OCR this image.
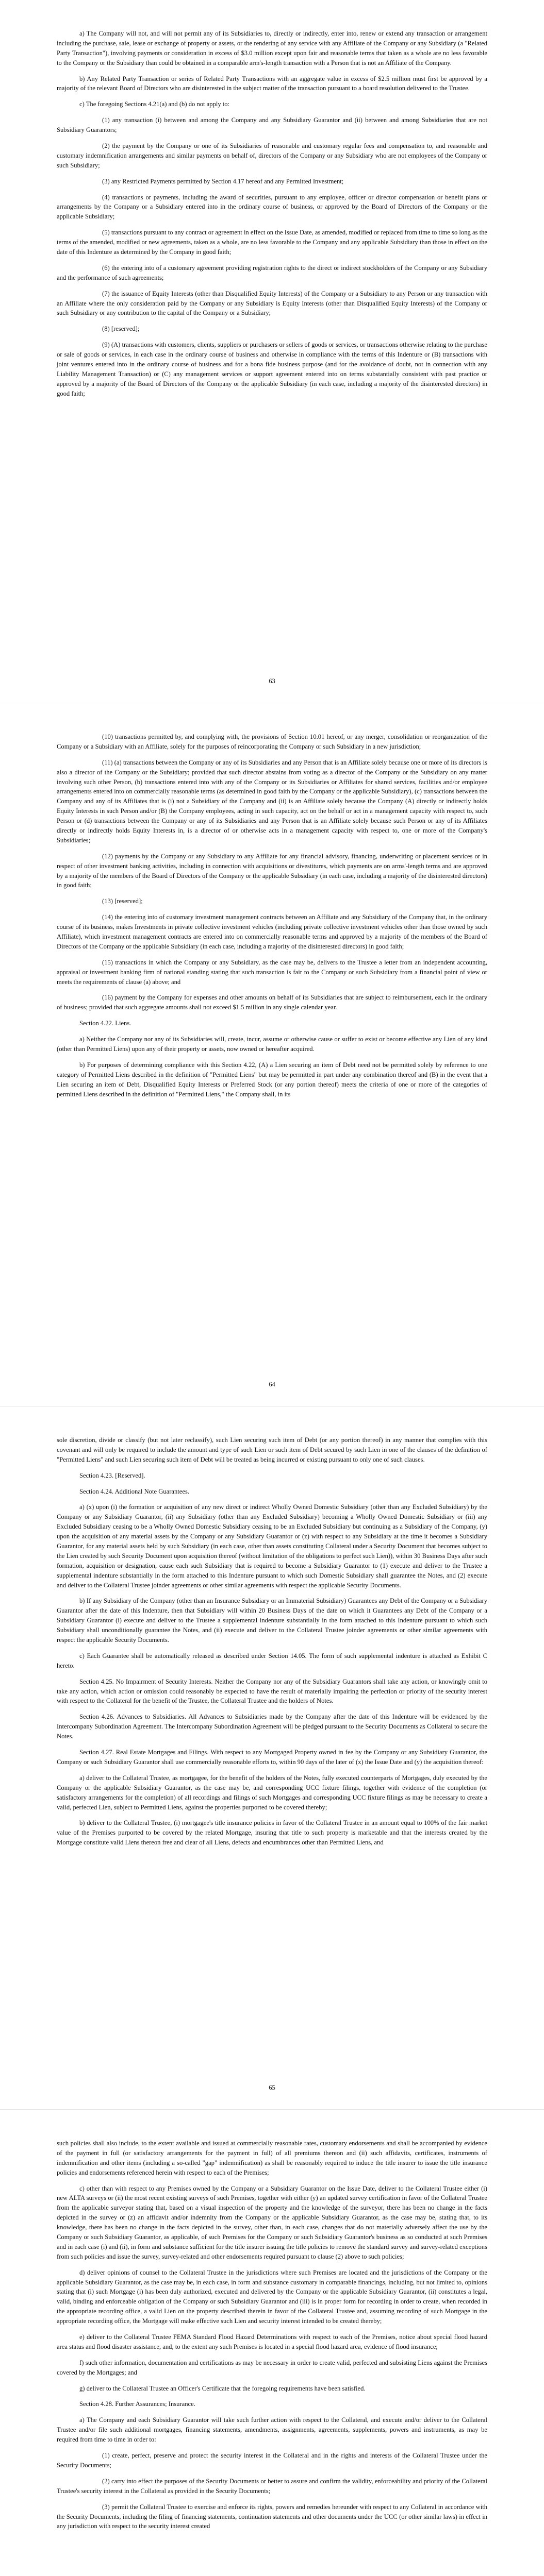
a) The Company will not, and will not permit any of its Subsidiaries to, directly or indirectly, enter into, renew or extend any transaction or arrangement including the purchase, sale, lease or exchange of property or assets, or the rendering of any service with any Affiliate of the Company or any Subsidiary (a "Related Party Transaction"), involving payments or consideration in excess of $3.0 million except upon fair and reasonable terms that taken as a whole are no less favorable to the Company or the Subsidiary than could be obtained in a comparable arm's-length transaction with a Person that is not an Affiliate of the Company.

b) Any Related Party Transaction or series of Related Party Transactions with an aggregate value in excess of $2.5 million must first be approved by a majority of the relevant Board of Directors who are disinterested in the subject matter of the transaction pursuant to a board resolution delivered to the Trustee.

c) The foregoing Sections 4.21(a) and (b) do not apply to:

(1) any transaction (i) between and among the Company and any Subsidiary Guarantor and (ii) between and among Subsidiaries that are not Subsidiary Guarantors;

(2) the payment by the Company or one of its Subsidiaries of reasonable and customary regular fees and compensation to, and reasonable and customary indemnification arrangements and similar payments on behalf of, directors of the Company or any Subsidiary who are not employees of the Company or such Subsidiary;

(3) any Restricted Payments permitted by Section 4.17 hereof and any Permitted Investment;

(4) transactions or payments, including the award of securities, pursuant to any employee, officer or director compensation or benefit plans or arrangements by the Company or a Subsidiary entered into in the ordinary course of business, or approved by the Board of Directors of the Company or the applicable Subsidiary;

(5) transactions pursuant to any contract or agreement in effect on the Issue Date, as amended, modified or replaced from time to time so long as the terms of the amended, modified or new agreements, taken as a whole, are no less favorable to the Company and any applicable Subsidiary than those in effect on the date of this Indenture as determined by the Company in good faith;

(6) the entering into of a customary agreement providing registration rights to the direct or indirect stockholders of the Company or any Subsidiary and the performance of such agreements;

(7) the issuance of Equity Interests (other than Disqualified Equity Interests) of the Company or a Subsidiary to any Person or any transaction with an Affiliate where the only consideration paid by the Company or any Subsidiary is Equity Interests (other than Disqualified Equity Interests) of the Company or such Subsidiary or any contribution to the capital of the Company or a Subsidiary;

(8) [reserved];

(9) (A) transactions with customers, clients, suppliers or purchasers or sellers of goods or services, or transactions otherwise relating to the purchase or sale of goods or services, in each case in the ordinary course of business and otherwise in compliance with the terms of this Indenture or (B) transactions with joint ventures entered into in the ordinary course of business and for a bona fide business purpose (and for the avoidance of doubt, not in connection with any Liability Management Transaction) or (C) any management services or support agreement entered into on terms substantially consistent with past practice or approved by a majority of the Board of Directors of the Company or the applicable Subsidiary (in each case, including a majority of the disinterested directors) in good faith;

63

(10) transactions permitted by, and complying with, the provisions of Section 10.01 hereof, or any merger, consolidation or reorganization of the Company or a Subsidiary with an Affiliate, solely for the purposes of reincorporating the Company or such Subsidiary in a new jurisdiction;

(11) (a) transactions between the Company or any of its Subsidiaries and any Person that is an Affiliate solely because one or more of its directors is also a director of the Company or the Subsidiary; provided that such director abstains from voting as a director of the Company or the Subsidiary on any matter involving such other Person, (b) transactions entered into with any of the Company or its Subsidiaries or Affiliates for shared services, facilities and/or employee arrangements entered into on commercially reasonable terms (as determined in good faith by the Company or the applicable Subsidiary), (c) transactions between the Company and any of its Affiliates that is (i) not a Subsidiary of the Company and (ii) is an Affiliate solely because the Company (A) directly or indirectly holds Equity Interests in such Person and/or (B) the Company employees, acting in such capacity, act on the behalf or act in a management capacity with respect to, such Person or (d) transactions between the Company or any of its Subsidiaries and any Person that is an Affiliate solely because such Person or any of its Affiliates directly or indirectly holds Equity Interests in, is a director of or otherwise acts in a management capacity with respect to, one or more of the Company's Subsidiaries;

(12) payments by the Company or any Subsidiary to any Affiliate for any financial advisory, financing, underwriting or placement services or in respect of other investment banking activities, including in connection with acquisitions or divestitures, which payments are on arms'-length terms and are approved by a majority of the members of the Board of Directors of the Company or the applicable Subsidiary (in each case, including a majority of the disinterested directors) in good faith;

(13) [reserved];

(14) the entering into of customary investment management contracts between an Affiliate and any Subsidiary of the Company that, in the ordinary course of its business, makes Investments in private collective investment vehicles (including private collective investment vehicles other than those owned by such Affiliate), which investment management contracts are entered into on commercially reasonable terms and approved by a majority of the members of the Board of Directors of the Company or the applicable Subsidiary (in each case, including a majority of the disinterested directors) in good faith;

(15) transactions in which the Company or any Subsidiary, as the case may be, delivers to the Trustee a letter from an independent accounting, appraisal or investment banking firm of national standing stating that such transaction is fair to the Company or such Subsidiary from a financial point of view or meets the requirements of clause (a) above; and

(16) payment by the Company for expenses and other amounts on behalf of its Subsidiaries that are subject to reimbursement, each in the ordinary of business; provided that such aggregate amounts shall not exceed $1.5 million in any single calendar year.

Section 4.22. Liens.

a) Neither the Company nor any of its Subsidiaries will, create, incur, assume or otherwise cause or suffer to exist or become effective any Lien of any kind (other than Permitted Liens) upon any of their property or assets, now owned or hereafter acquired.

b) For purposes of determining compliance with this Section 4.22, (A) a Lien securing an item of Debt need not be permitted solely by reference to one category of Permitted Liens described in the definition of "Permitted Liens" but may be permitted in part under any combination thereof and (B) in the event that a Lien securing an item of Debt, Disqualified Equity Interests or Preferred Stock (or any portion thereof) meets the criteria of one or more of the categories of permitted Liens described in the definition of "Permitted Liens," the Company shall, in its

64

sole discretion, divide or classify (but not later reclassify), such Lien securing such item of Debt (or any portion thereof) in any manner that complies with this covenant and will only be required to include the amount and type of such Lien or such item of Debt secured by such Lien in one of the clauses of the definition of "Permitted Liens" and such Lien securing such item of Debt will be treated as being incurred or existing pursuant to only one of such clauses.

Section 4.23. [Reserved].

Section 4.24. Additional Note Guarantees.

a) (x) upon (i) the formation or acquisition of any new direct or indirect Wholly Owned Domestic Subsidiary (other than any Excluded Subsidiary) by the Company or any Subsidiary Guarantor, (ii) any Subsidiary (other than any Excluded Subsidiary) becoming a Wholly Owned Domestic Subsidiary or (iii) any Excluded Subsidiary ceasing to be a Wholly Owned Domestic Subsidiary ceasing to be an Excluded Subsidiary but continuing as a Subsidiary of the Company, (y) upon the acquisition of any material assets by the Company or any Subsidiary Guarantor or (z) with respect to any Subsidiary at the time it becomes a Subsidiary Guarantor, for any material assets held by such Subsidiary (in each case, other than assets constituting Collateral under a Security Document that becomes subject to the Lien created by such Security Document upon acquisition thereof (without limitation of the obligations to perfect such Lien)), within 30 Business Days after such formation, acquisition or designation, cause each such Subsidiary that is required to become a Subsidiary Guarantor to (1) execute and deliver to the Trustee a supplemental indenture substantially in the form attached to this Indenture pursuant to which such Domestic Subsidiary shall guarantee the Notes, and (2) execute and deliver to the Collateral Trustee joinder agreements or other similar agreements with respect the applicable Security Documents.

b) If any Subsidiary of the Company (other than an Insurance Subsidiary or an Immaterial Subsidiary) Guarantees any Debt of the Company or a Subsidiary Guarantor after the date of this Indenture, then that Subsidiary will within 20 Business Days of the date on which it Guarantees any Debt of the Company or a Subsidiary Guarantor (i) execute and deliver to the Trustee a supplemental indenture substantially in the form attached to this Indenture pursuant to which such Subsidiary shall unconditionally guarantee the Notes, and (ii) execute and deliver to the Collateral Trustee joinder agreements or other similar agreements with respect the applicable Security Documents.

c) Each Guarantee shall be automatically released as described under Section 14.05. The form of such supplemental indenture is attached as Exhibit C hereto.

Section 4.25. No Impairment of Security Interests. Neither the Company nor any of the Subsidiary Guarantors shall take any action, or knowingly omit to take any action, which action or omission could reasonably be expected to have the result of materially impairing the perfection or priority of the security interest with respect to the Collateral for the benefit of the Trustee, the Collateral Trustee and the holders of Notes.

Section 4.26. Advances to Subsidiaries. All Advances to Subsidiaries made by the Company after the date of this Indenture will be evidenced by the Intercompany Subordination Agreement. The Intercompany Subordination Agreement will be pledged pursuant to the Security Documents as Collateral to secure the Notes.

Section 4.27. Real Estate Mortgages and Filings. With respect to any Mortgaged Property owned in fee by the Company or any Subsidiary Guarantor, the Company or such Subsidiary Guarantor shall use commercially reasonable efforts to, within 90 days of the later of (x) the Issue Date and (y) the acquisition thereof:

a) deliver to the Collateral Trustee, as mortgagee, for the benefit of the holders of the Notes, fully executed counterparts of Mortgages, duly executed by the Company or the applicable Subsidiary Guarantor, as the case may be, and corresponding UCC fixture filings, together with evidence of the completion (or satisfactory arrangements for the completion) of all recordings and filings of such Mortgages and corresponding UCC fixture filings as may be necessary to create a valid, perfected Lien, subject to Permitted Liens, against the properties purported to be covered thereby;

b) deliver to the Collateral Trustee, (i) mortgagee's title insurance policies in favor of the Collateral Trustee in an amount equal to 100% of the fair market value of the Premises purported to be covered by the related Mortgage, insuring that title to such property is marketable and that the interests created by the Mortgage constitute valid Liens thereon free and clear of all Liens, defects and encumbrances other than Permitted Liens, and

65

such policies shall also include, to the extent available and issued at commercially reasonable rates, customary endorsements and shall be accompanied by evidence of the payment in full (or satisfactory arrangements for the payment in full) of all premiums thereon and (ii) such affidavits, certificates, instruments of indemnification and other items (including a so-called "gap" indemnification) as shall be reasonably required to induce the title insurer to issue the title insurance policies and endorsements referenced herein with respect to each of the Premises;

c) other than with respect to any Premises owned by the Company or a Subsidiary Guarantor on the Issue Date, deliver to the Collateral Trustee either (i) new ALTA surveys or (ii) the most recent existing surveys of such Premises, together with either (y) an updated survey certification in favor of the Collateral Trustee from the applicable surveyor stating that, based on a visual inspection of the property and the knowledge of the surveyor, there has been no change in the facts depicted in the survey or (z) an affidavit and/or indemnity from the Company or the applicable Subsidiary Guarantor, as the case may be, stating that, to its knowledge, there has been no change in the facts depicted in the survey, other than, in each case, changes that do not materially adversely affect the use by the Company or such Subsidiary Guarantor, as applicable, of such Premises for the Company or such Subsidiary Guarantor's business as so conducted at such Premises and in each case (i) and (ii), in form and substance sufficient for the title insurer issuing the title policies to remove the standard survey and survey-related exceptions from such policies and issue the survey, survey-related and other endorsements required pursuant to clause (2) above to such policies;

d) deliver opinions of counsel to the Collateral Trustee in the jurisdictions where such Premises are located and the jurisdictions of the Company or the applicable Subsidiary Guarantor, as the case may be, in each case, in form and substance customary in comparable financings, including, but not limited to, opinions stating that (i) such Mortgage (i) has been duly authorized, executed and delivered by the Company or the applicable Subsidiary Guarantor, (ii) constitutes a legal, valid, binding and enforceable obligation of the Company or such Subsidiary Guarantor and (iii) is in proper form for recording in order to create, when recorded in the appropriate recording office, a valid Lien on the property described therein in favor of the Collateral Trustee and, assuming recording of such Mortgage in the appropriate recording office, the Mortgage will make effective such Lien and security interest intended to be created thereby;

e) deliver to the Collateral Trustee FEMA Standard Flood Hazard Determinations with respect to each of the Premises, notice about special flood hazard area status and flood disaster assistance, and, to the extent any such Premises is located in a special flood hazard area, evidence of flood insurance;

f) such other information, documentation and certifications as may be necessary in order to create valid, perfected and subsisting Liens against the Premises covered by the Mortgages; and

g) deliver to the Collateral Trustee an Officer's Certificate that the foregoing requirements have been satisfied.

Section 4.28. Further Assurances; Insurance.

a) The Company and each Subsidiary Guarantor will take such further action with respect to the Collateral, and execute and/or deliver to the Collateral Trustee and/or file such additional mortgages, financing statements, amendments, assignments, agreements, supplements, powers and instruments, as may be required from time to time in order to:

(1) create, perfect, preserve and protect the security interest in the Collateral and in the rights and interests of the Collateral Trustee under the Security Documents;

(2) carry into effect the purposes of the Security Documents or better to assure and confirm the validity, enforceability and priority of the Collateral Trustee's security interest in the Collateral as provided in the Security Documents;

(3) permit the Collateral Trustee to exercise and enforce its rights, powers and remedies hereunder with respect to any Collateral in accordance with the Security Documents, including the filing of financing statements, continuation statements and other documents under the UCC (or other similar laws) in effect in any jurisdiction with respect to the security interest created
